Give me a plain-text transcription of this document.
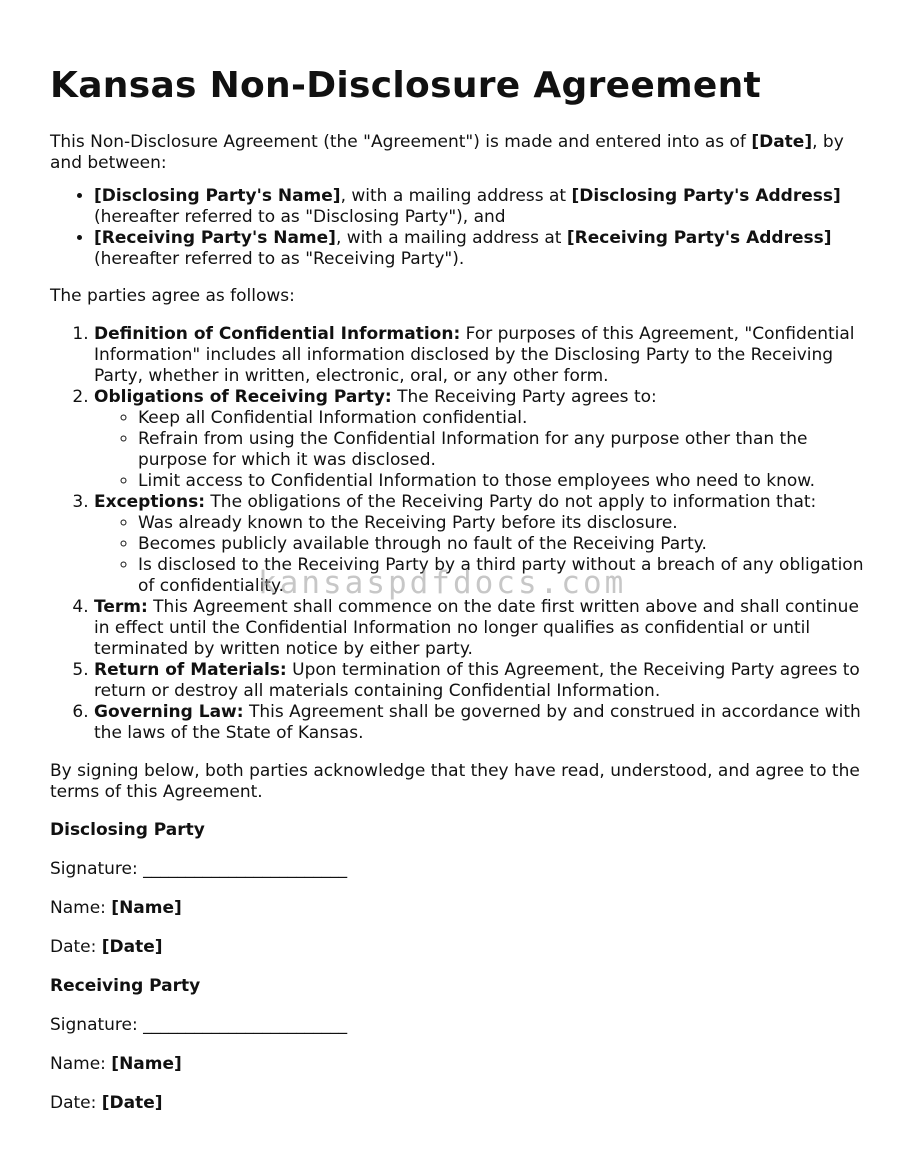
Kansas Non-Disclosure Agreement

This Non-Disclosure Agreement (the "Agreement") is made and entered into as of [Date], by and between:

• [Disclosing Party's Name], with a mailing address at [Disclosing Party's Address] (hereafter referred to as "Disclosing Party"), and
• [Receiving Party's Name], with a mailing address at [Receiving Party's Address] (hereafter referred to as "Receiving Party").

The parties agree as follows:

1. Definition of Confidential Information: For purposes of this Agreement, "Confidential Information" includes all information disclosed by the Disclosing Party to the Receiving Party, whether in written, electronic, oral, or any other form.
2. Obligations of Receiving Party: The Receiving Party agrees to:
◦ Keep all Confidential Information confidential.
◦ Refrain from using the Confidential Information for any purpose other than the purpose for which it was disclosed.
◦ Limit access to Confidential Information to those employees who need to know.
3. Exceptions: The obligations of the Receiving Party do not apply to information that:
◦ Was already known to the Receiving Party before its disclosure.
◦ Becomes publicly available through no fault of the Receiving Party.
◦ Is disclosed to the Receiving Party by a third party without a breach of any obligation of confidentiality.
4. Term: This Agreement shall commence on the date first written above and shall continue in effect until the Confidential Information no longer qualifies as confidential or until terminated by written notice by either party.
5. Return of Materials: Upon termination of this Agreement, the Receiving Party agrees to return or destroy all materials containing Confidential Information.
6. Governing Law: This Agreement shall be governed by and construed in accordance with the laws of the State of Kansas.

By signing below, both parties acknowledge that they have read, understood, and agree to the terms of this Agreement.

Disclosing Party

Signature: ________________________

Name: [Name]

Date: [Date]

Receiving Party

Signature: ________________________

Name: [Name]

Date: [Date]

kansaspdfdocs.com
